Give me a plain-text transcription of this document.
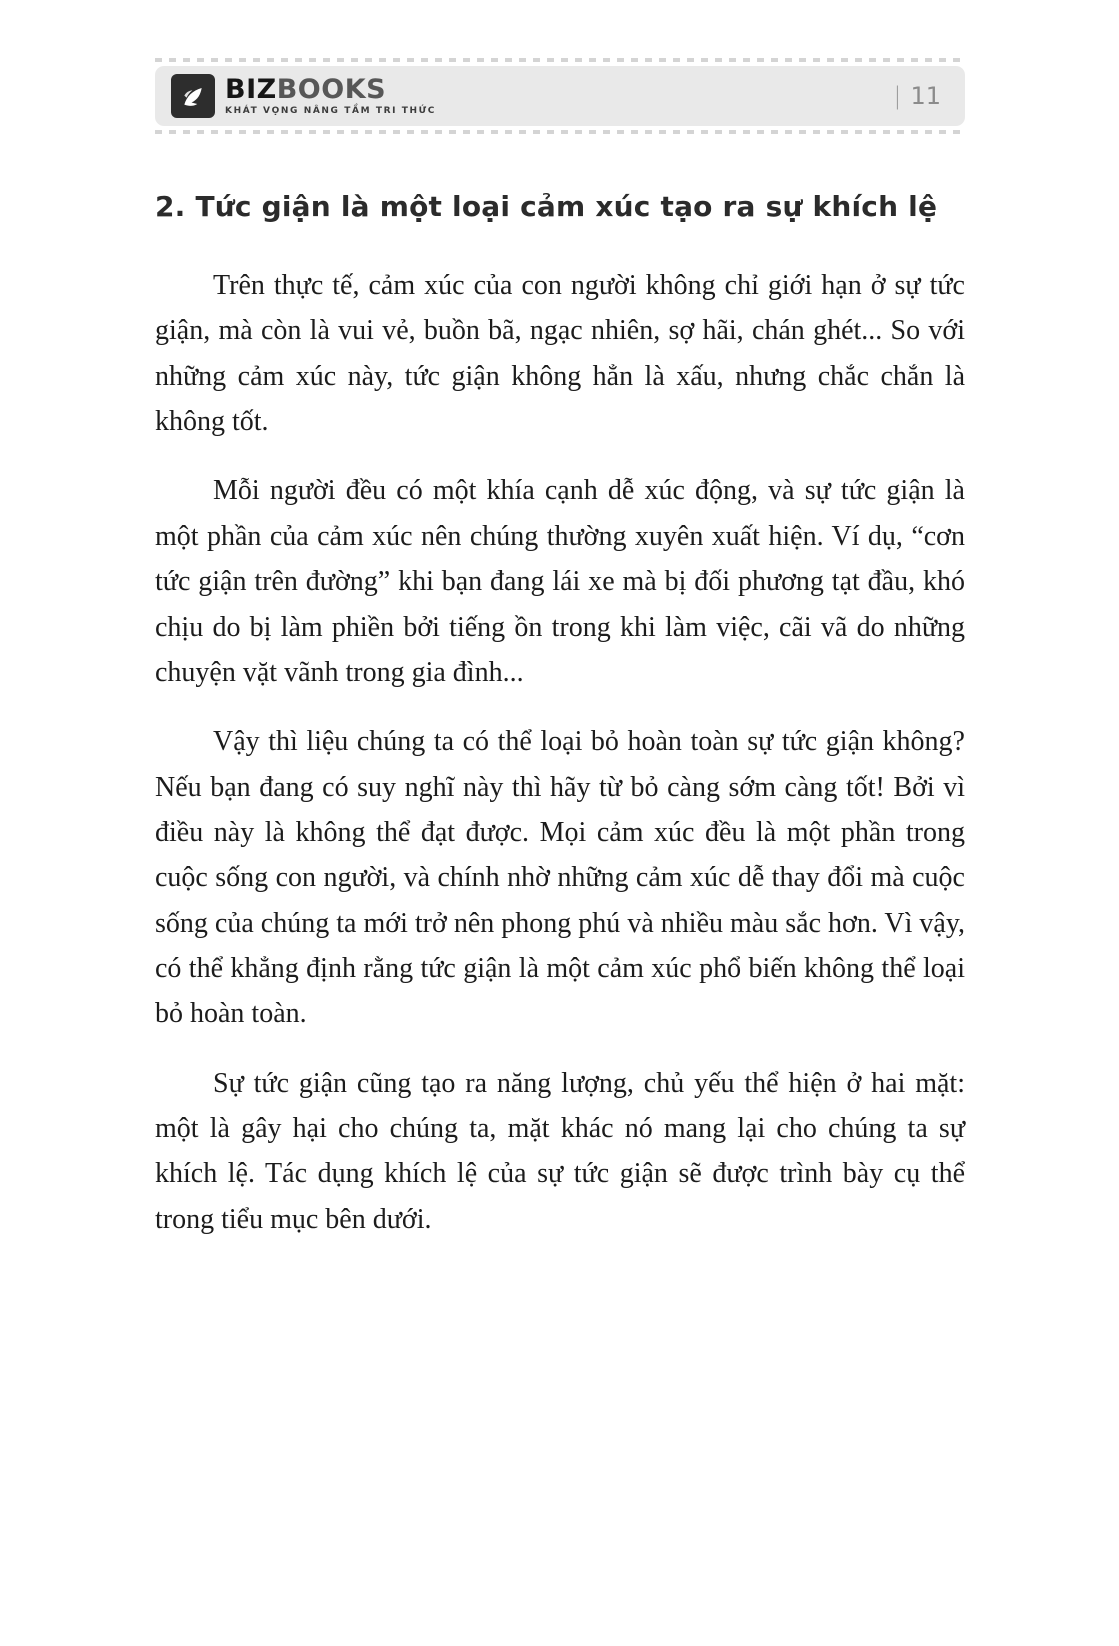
BIZBOOKS
KHÁT VỌNG NÂNG TẦM TRI THỨC
| 11
2. Tức giận là một loại cảm xúc tạo ra sự khích lệ

Trên thực tế, cảm xúc của con người không chỉ giới hạn ở sự tức giận, mà còn là vui vẻ, buồn bã, ngạc nhiên, sợ hãi, chán ghét... So với những cảm xúc này, tức giận không hẳn là xấu, nhưng chắc chắn là không tốt.

Mỗi người đều có một khía cạnh dễ xúc động, và sự tức giận là một phần của cảm xúc nên chúng thường xuyên xuất hiện. Ví dụ, “cơn tức giận trên đường” khi bạn đang lái xe mà bị đối phương tạt đầu, khó chịu do bị làm phiền bởi tiếng ồn trong khi làm việc, cãi vã do những chuyện vặt vãnh trong gia đình...

Vậy thì liệu chúng ta có thể loại bỏ hoàn toàn sự tức giận không? Nếu bạn đang có suy nghĩ này thì hãy từ bỏ càng sớm càng tốt! Bởi vì điều này là không thể đạt được. Mọi cảm xúc đều là một phần trong cuộc sống con người, và chính nhờ những cảm xúc dễ thay đổi mà cuộc sống của chúng ta mới trở nên phong phú và nhiều màu sắc hơn. Vì vậy, có thể khẳng định rằng tức giận là một cảm xúc phổ biến không thể loại bỏ hoàn toàn.

Sự tức giận cũng tạo ra năng lượng, chủ yếu thể hiện ở hai mặt: một là gây hại cho chúng ta, mặt khác nó mang lại cho chúng ta sự khích lệ. Tác dụng khích lệ của sự tức giận sẽ được trình bày cụ thể trong tiểu mục bên dưới.
